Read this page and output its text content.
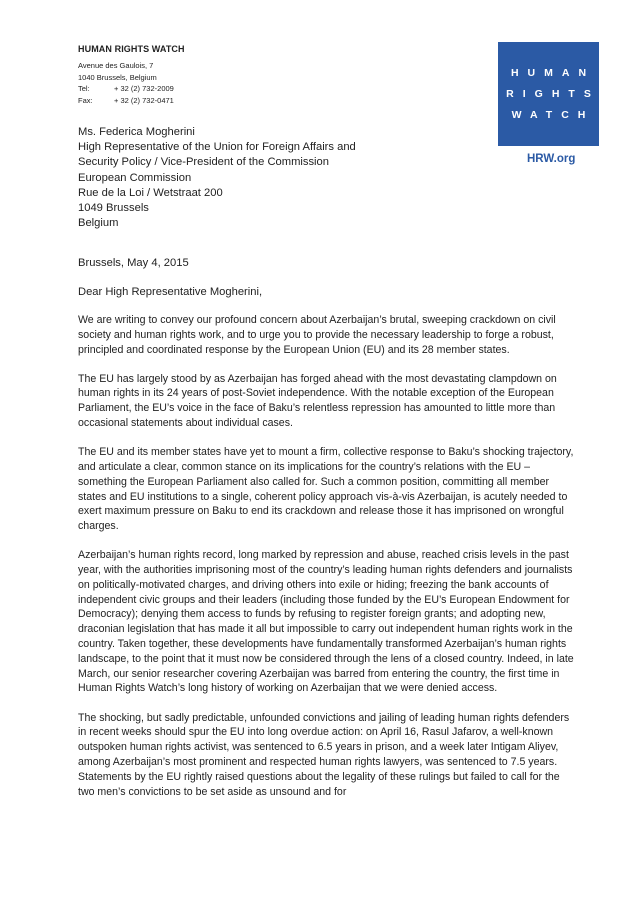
HUMAN RIGHTS WATCH
Avenue des Gaulois, 7
1040 Brussels, Belgium
Tel:	+ 32 (2) 732-2009
Fax:	+ 32 (2) 732-0471
HUMAN
RIGHTS
WATCH
HRW.org
Ms. Federica Mogherini
High Representative of the Union for Foreign Affairs and
Security Policy / Vice-President of the Commission
European Commission
Rue de la Loi / Wetstraat 200
1049 Brussels
Belgium
Brussels, May 4, 2015
Dear High Representative Mogherini,

We are writing to convey our profound concern about Azerbaijan’s brutal, sweeping crackdown on civil society and human rights work, and to urge you to provide the necessary leadership to forge a robust, principled and coordinated response by the European Union (EU) and its 28 member states.

The EU has largely stood by as Azerbaijan has forged ahead with the most devastating clampdown on human rights in its 24 years of post-Soviet independence. With the notable exception of the European Parliament, the EU’s voice in the face of Baku’s relentless repression has amounted to little more than occasional statements about individual cases.

The EU and its member states have yet to mount a firm, collective response to Baku’s shocking trajectory, and articulate a clear, common stance on its implications for the country’s relations with the EU – something the European Parliament also called for. Such a common position, committing all member states and EU institutions to a single, coherent policy approach vis-à-vis Azerbaijan, is acutely needed to exert maximum pressure on Baku to end its crackdown and release those it has imprisoned on wrongful charges.

Azerbaijan’s human rights record, long marked by repression and abuse, reached crisis levels in the past year, with the authorities imprisoning most of the country’s leading human rights defenders and journalists on politically-motivated charges, and driving others into exile or hiding; freezing the bank accounts of independent civic groups and their leaders (including those funded by the EU’s European Endowment for Democracy); denying them access to funds by refusing to register foreign grants; and adopting new, draconian legislation that has made it all but impossible to carry out independent human rights work in the country. Taken together, these developments have fundamentally transformed Azerbaijan’s human rights landscape, to the point that it must now be considered through the lens of a closed country. Indeed, in late March, our senior researcher covering Azerbaijan was barred from entering the country, the first time in Human Rights Watch’s long history of working on Azerbaijan that we were denied access.

The shocking, but sadly predictable, unfounded convictions and jailing of leading human rights defenders in recent weeks should spur the EU into long overdue action: on April 16, Rasul Jafarov, a well-known outspoken human rights activist, was sentenced to 6.5 years in prison, and a week later Intigam Aliyev, among Azerbaijan’s most prominent and respected human rights lawyers, was sentenced to 7.5 years. Statements by the EU rightly raised questions about the legality of these rulings but failed to call for the two men’s convictions to be set aside as unsound and for
